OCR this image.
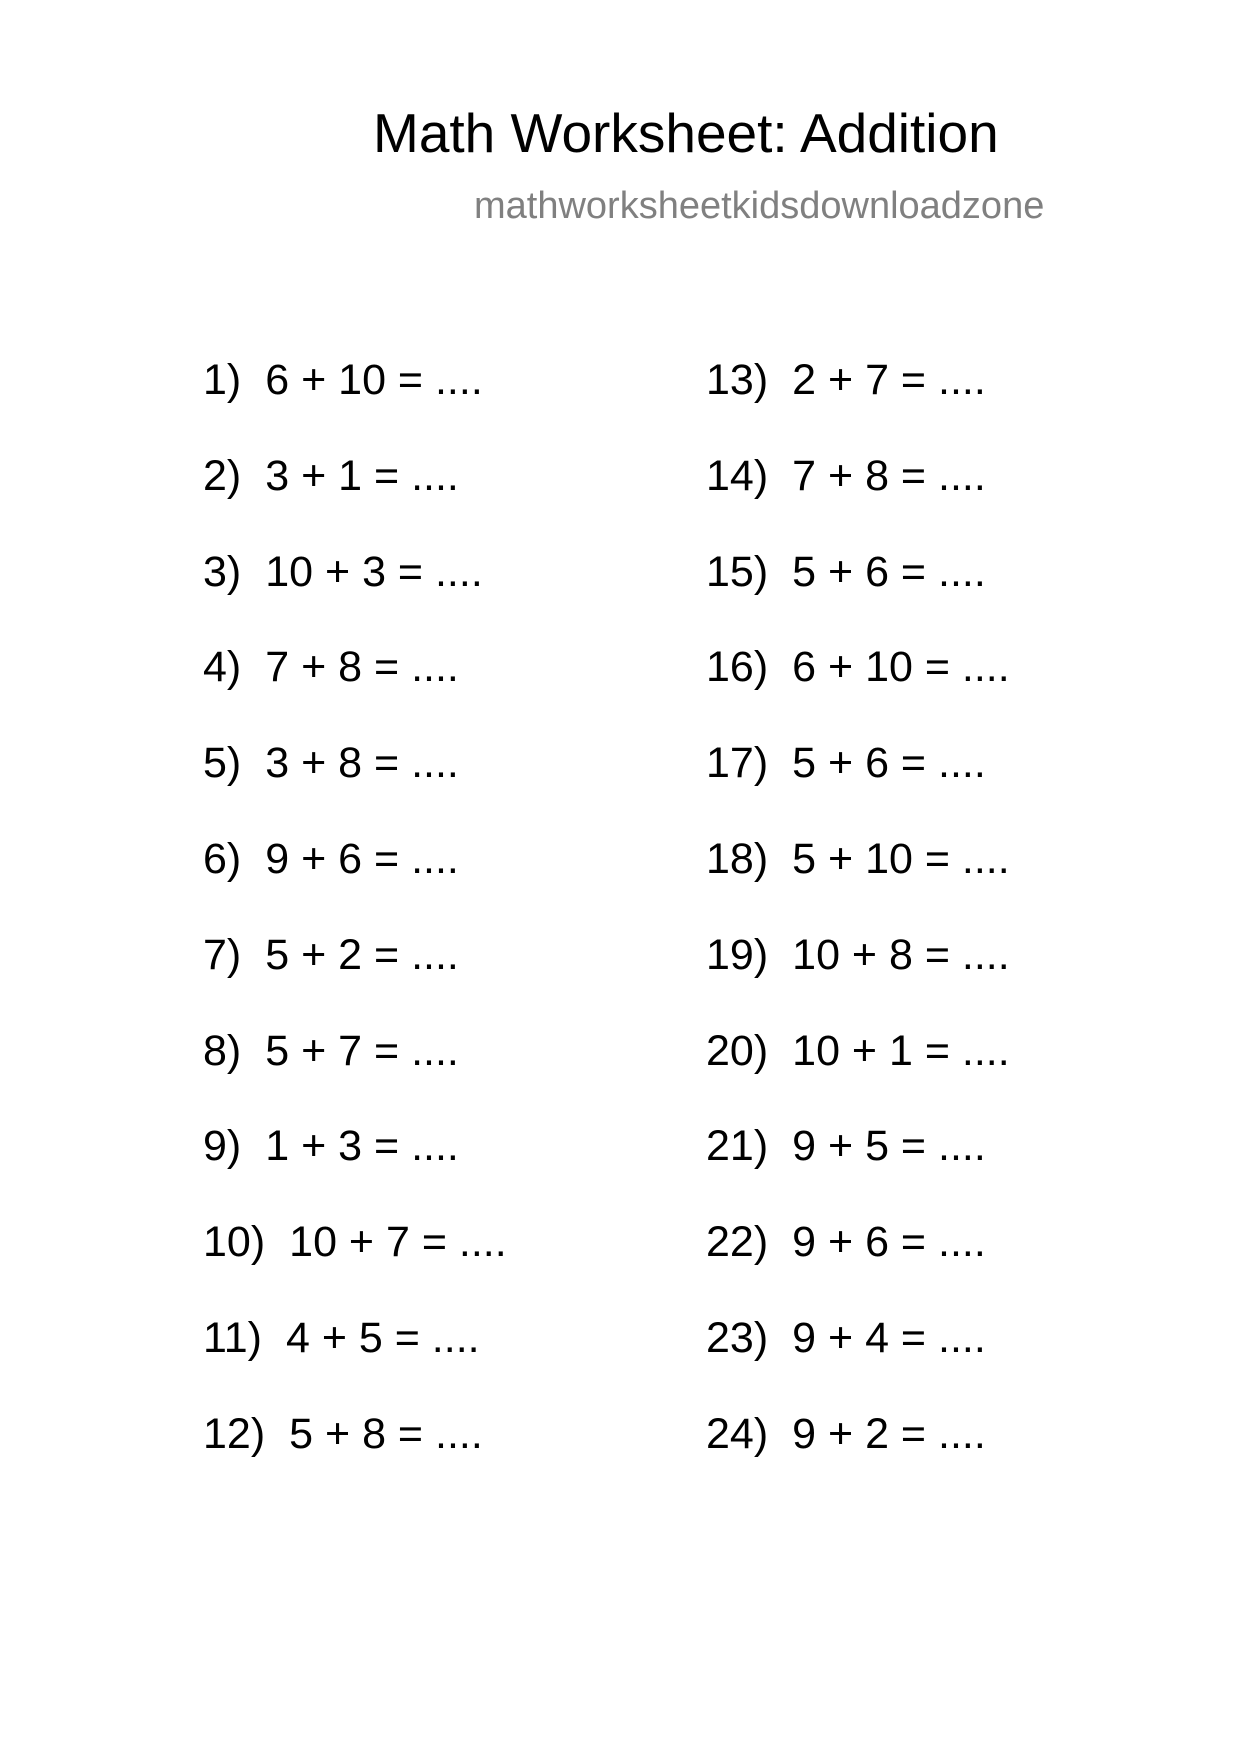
Math Worksheet: Addition
mathworksheetkidsdownloadzone
1) 6 + 10 = ....
2) 3 + 1 = ....
3) 10 + 3 = ....
4) 7 + 8 = ....
5) 3 + 8 = ....
6) 9 + 6 = ....
7) 5 + 2 = ....
8) 5 + 7 = ....
9) 1 + 3 = ....
10) 10 + 7 = ....
11) 4 + 5 = ....
12) 5 + 8 = ....
13) 2 + 7 = ....
14) 7 + 8 = ....
15) 5 + 6 = ....
16) 6 + 10 = ....
17) 5 + 6 = ....
18) 5 + 10 = ....
19) 10 + 8 = ....
20) 10 + 1 = ....
21) 9 + 5 = ....
22) 9 + 6 = ....
23) 9 + 4 = ....
24) 9 + 2 = ....
